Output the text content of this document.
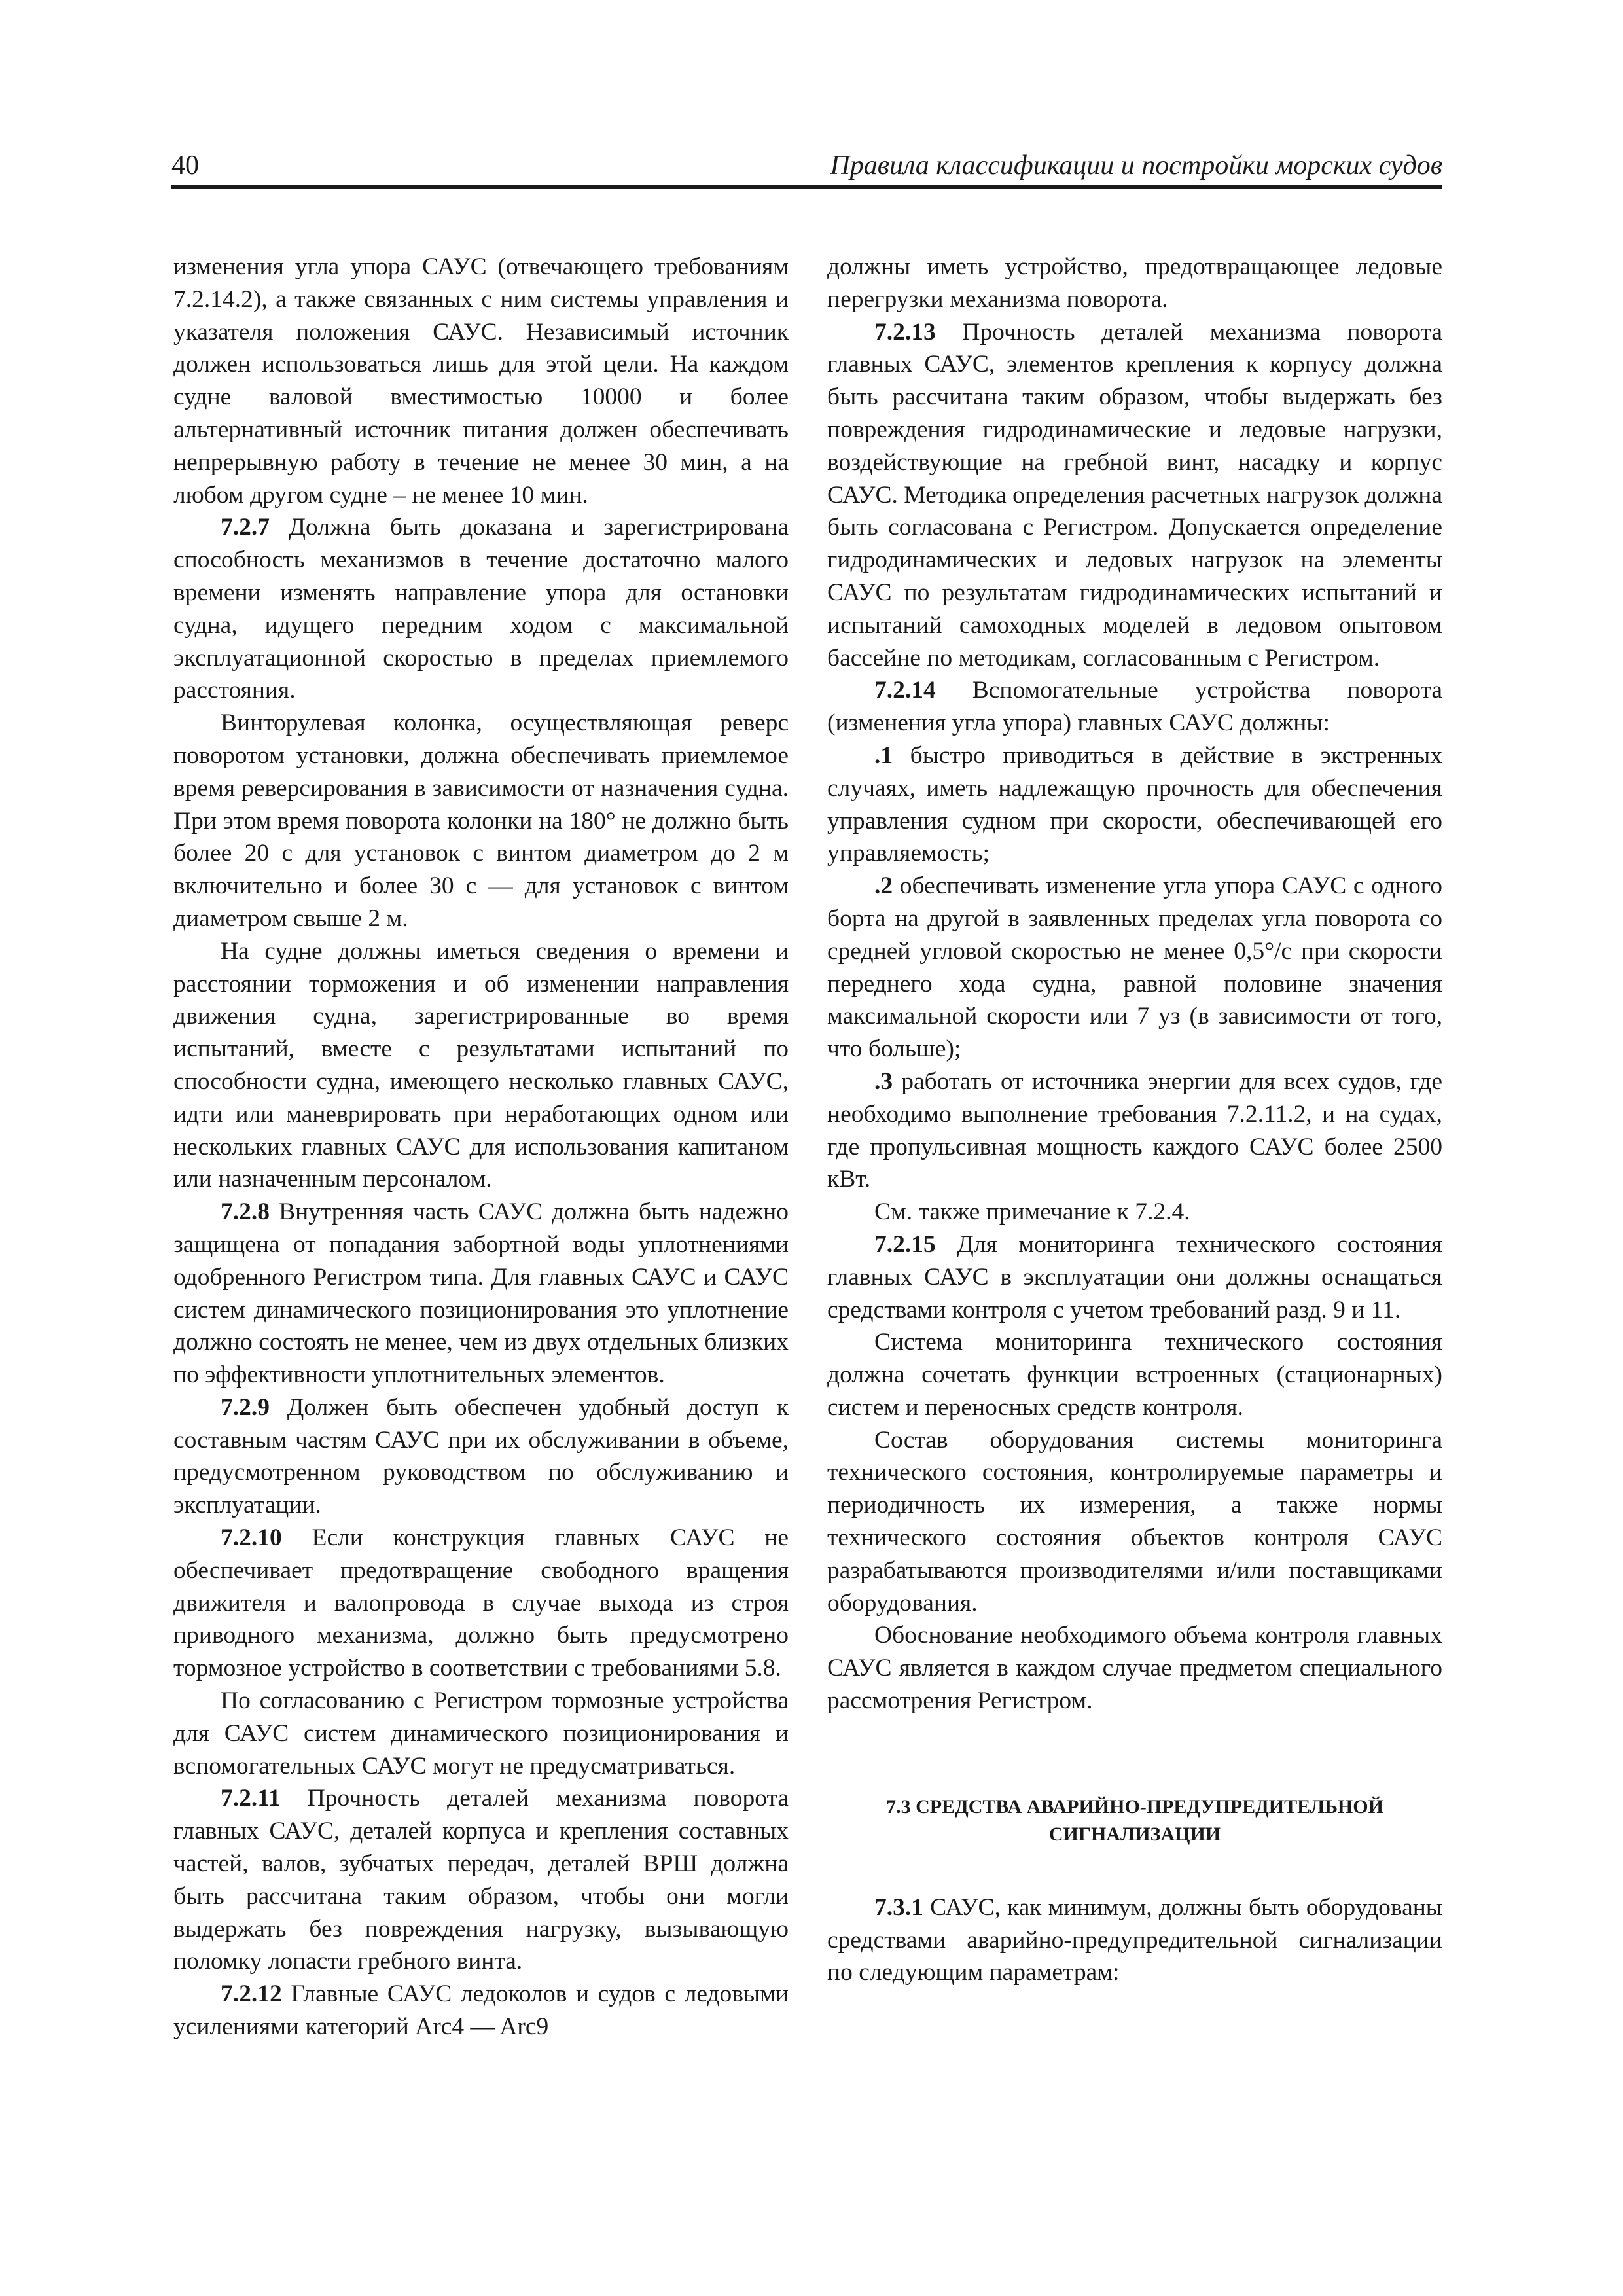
40	Правила классификации и постройки морских судов

изменения угла упора САУС (отвечающего требованиям 7.2.14.2), а также связанных с ним системы управления и указателя положения САУС. Независимый источник должен использоваться лишь для этой цели. На каждом судне валовой вместимостью 10000 и более альтернативный источник питания должен обеспечивать непрерывную работу в течение не менее 30 мин, а на любом другом судне – не менее 10 мин.

7.2.7 Должна быть доказана и зарегистрирована способность механизмов в течение достаточно малого времени изменять направление упора для остановки судна, идущего передним ходом с максимальной эксплуатационной скоростью в пределах приемлемого расстояния.

Винторулевая колонка, осуществляющая реверс поворотом установки, должна обеспечивать приемлемое время реверсирования в зависимости от назначения судна. При этом время поворота колонки на 180° не должно быть более 20 с для установок с винтом диаметром до 2 м включительно и более 30 с — для установок с винтом диаметром свыше 2 м.

На судне должны иметься сведения о времени и расстоянии торможения и об изменении направления движения судна, зарегистрированные во время испытаний, вместе с результатами испытаний по способности судна, имеющего несколько главных САУС, идти или маневрировать при неработающих одном или нескольких главных САУС для использования капитаном или назначенным персоналом.

7.2.8 Внутренняя часть САУС должна быть надежно защищена от попадания забортной воды уплотнениями одобренного Регистром типа. Для главных САУС и САУС систем динамического позиционирования это уплотнение должно состоять не менее, чем из двух отдельных близких по эффективности уплотнительных элементов.

7.2.9 Должен быть обеспечен удобный доступ к составным частям САУС при их обслуживании в объеме, предусмотренном руководством по обслуживанию и эксплуатации.

7.2.10 Если конструкция главных САУС не обеспечивает предотвращение свободного вращения движителя и валопровода в случае выхода из строя приводного механизма, должно быть предусмотрено тормозное устройство в соответствии с требованиями 5.8.

По согласованию с Регистром тормозные устройства для САУС систем динамического позиционирования и вспомогательных САУС могут не предусматриваться.

7.2.11 Прочность деталей механизма поворота главных САУС, деталей корпуса и крепления составных частей, валов, зубчатых передач, деталей ВРШ должна быть рассчитана таким образом, чтобы они могли выдержать без повреждения нагрузку, вызывающую поломку лопасти гребного винта.

7.2.12 Главные САУС ледоколов и судов с ледовыми усилениями категорий Arc4 — Arc9

должны иметь устройство, предотвращающее ледовые перегрузки механизма поворота.

7.2.13 Прочность деталей механизма поворота главных САУС, элементов крепления к корпусу должна быть рассчитана таким образом, чтобы выдержать без повреждения гидродинамические и ледовые нагрузки, воздействующие на гребной винт, насадку и корпус САУС. Методика определения расчетных нагрузок должна быть согласована с Регистром. Допускается определение гидродинамических и ледовых нагрузок на элементы САУС по результатам гидродинамических испытаний и испытаний самоходных моделей в ледовом опытовом бассейне по методикам, согласованным с Регистром.

7.2.14 Вспомогательные устройства поворота (изменения угла упора) главных САУС должны:

.1 быстро приводиться в действие в экстренных случаях, иметь надлежащую прочность для обеспечения управления судном при скорости, обеспечивающей его управляемость;

.2 обеспечивать изменение угла упора САУС с одного борта на другой в заявленных пределах угла поворота со средней угловой скоростью не менее 0,5°/с при скорости переднего хода судна, равной половине значения максимальной скорости или 7 уз (в зависимости от того, что больше);

.3 работать от источника энергии для всех судов, где необходимо выполнение требования 7.2.11.2, и на судах, где пропульсивная мощность каждого САУС более 2500 кВт.

См. также примечание к 7.2.4.

7.2.15 Для мониторинга технического состояния главных САУС в эксплуатации они должны оснащаться средствами контроля с учетом требований разд. 9 и 11.

Система мониторинга технического состояния должна сочетать функции встроенных (стационарных) систем и переносных средств контроля.

Состав оборудования системы мониторинга технического состояния, контролируемые параметры и периодичность их измерения, а также нормы технического состояния объектов контроля САУС разрабатываются производителями и/или поставщиками оборудования.

Обоснование необходимого объема контроля главных САУС является в каждом случае предметом специального рассмотрения Регистром.

7.3 СРЕДСТВА АВАРИЙНО-ПРЕДУПРЕДИТЕЛЬНОЙ
СИГНАЛИЗАЦИИ

7.3.1 САУС, как минимум, должны быть оборудованы средствами аварийно-предупредительной сигнализации по следующим параметрам:
